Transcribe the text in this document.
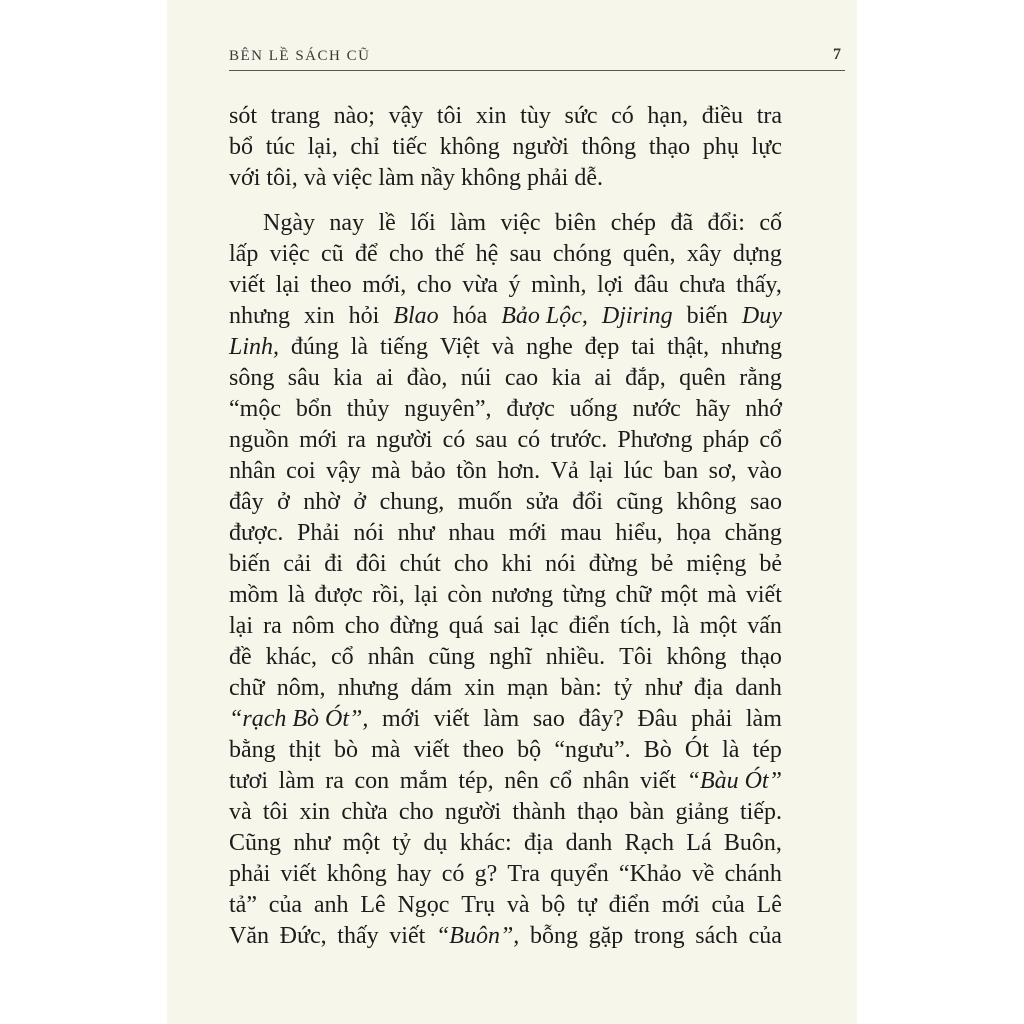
BÊN LỀ SÁCH CŨ	7
sót trang nào; vậy tôi xin tùy sức có hạn, điều tra
bổ túc lại, chỉ tiếc không người thông thạo phụ lực
với
tôi,
và
việc
làm
nầy
không
phải
dễ.
Ngày nay lề lối làm việc biên chép đã đổi: cố
lấp việc cũ để cho thế hệ sau chóng quên, xây dựng
viết lại theo mới, cho vừa ý mình, lợi đâu chưa thấy,
nhưng xin hỏi Blao hóa Bảo Lộc, Djiring biến Duy
Linh, đúng là tiếng Việt và nghe đẹp tai thật, nhưng
sông sâu kia ai đào, núi cao kia ai đắp, quên rằng
“mộc bổn thủy nguyên”, được uống nước hãy nhớ
nguồn mới ra người có sau có trước. Phương pháp cổ
nhân coi vậy mà bảo tồn hơn. Vả lại lúc ban sơ, vào
đây ở nhờ ở chung, muốn sửa đổi cũng không sao
được. Phải nói như nhau mới mau hiểu, họa chăng
biến cải đi đôi chút cho khi nói đừng bẻ miệng bẻ
mồm là được rồi, lại còn nương từng chữ một mà viết
lại ra nôm cho đừng quá sai lạc điển tích, là một vấn
đề khác, cổ nhân cũng nghĩ nhiều. Tôi không thạo
chữ nôm, nhưng dám xin mạn bàn: tỷ như địa danh
“rạch Bò Ót”, mới viết làm sao đây? Đâu phải làm
bằng thịt bò mà viết theo bộ “ngưu”. Bò Ót là tép
tươi làm ra con mắm tép, nên cổ nhân viết “Bàu Ót”
và tôi xin chừa cho người thành thạo bàn giảng tiếp.
Cũng như một tỷ dụ khác: địa danh Rạch Lá Buôn,
phải viết không hay có g? Tra quyển “Khảo về chánh
tả” của anh Lê Ngọc Trụ và bộ tự điển mới của Lê
Văn Đức, thấy viết “Buôn”, bỗng gặp trong sách của
